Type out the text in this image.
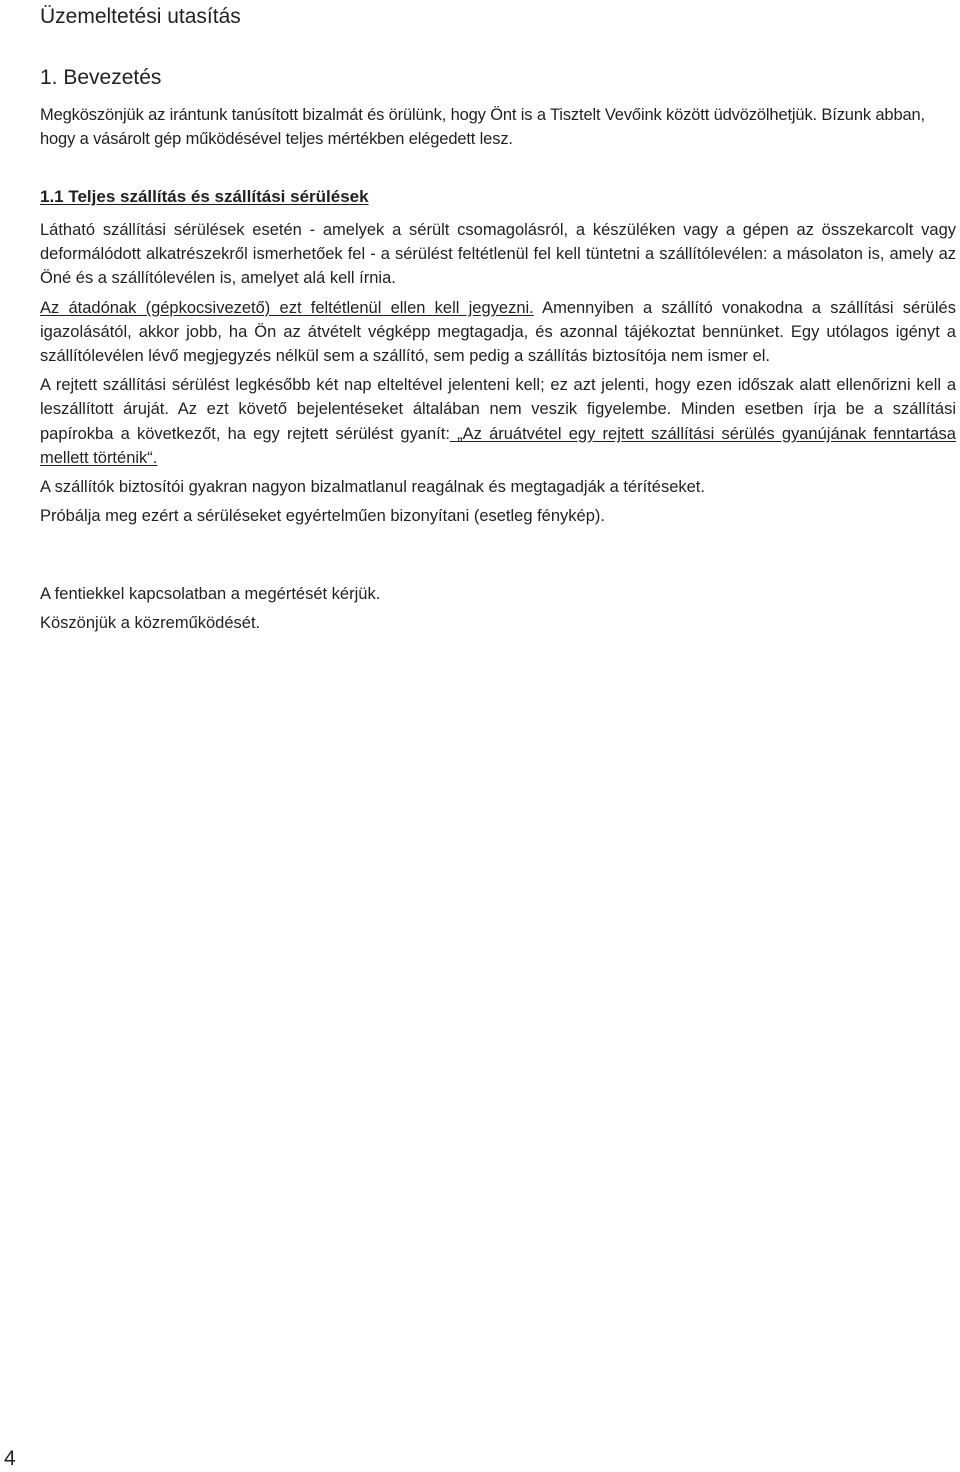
Üzemeltetési utasítás
1. Bevezetés

Megköszönjük az irántunk tanúsított bizalmát és örülünk, hogy Önt is a Tisztelt Vevőink között üdvözölhetjük. Bízunk abban, hogy a vásárolt gép működésével teljes mértékben elégedett lesz.

1.1 Teljes szállítás és szállítási sérülések

Látható szállítási sérülések esetén - amelyek a sérült csomagolásról, a készüléken vagy a gépen az összekarcolt vagy deformálódott alkatrészekről ismerhetőek fel - a sérülést feltétlenül fel kell tüntetni a szállítólevélen: a másolaton is, amely az Öné és a szállítólevélen is, amelyet alá kell írnia.

Az átadónak (gépkocsivezető) ezt feltétlenül ellen kell jegyezni. Amennyiben a szállító vonakodna a szállítási sérülés igazolásától, akkor jobb, ha Ön az átvételt végképp megtagadja, és azonnal tájékoztat bennünket. Egy utólagos igényt a szállítólevélen lévő megjegyzés nélkül sem a szállító, sem pedig a szállítás biztosítója nem ismer el.

A rejtett szállítási sérülést legkésőbb két nap elteltével jelenteni kell; ez azt jelenti, hogy ezen időszak alatt ellenőrizni kell a leszállított áruját. Az ezt követő bejelentéseket általában nem veszik figyelembe. Minden esetben írja be a szállítási papírokba a következőt, ha egy rejtett sérülést gyanít: „Az áruátvétel egy rejtett szállítási sérülés gyanújának fenntartása mellett történik“.

A szállítók biztosítói gyakran nagyon bizalmatlanul reagálnak és megtagadják a térítéseket.

Próbálja meg ezért a sérüléseket egyértelműen bizonyítani (esetleg fénykép).

A fentiekkel kapcsolatban a megértését kérjük.

Köszönjük a közreműködését.

4
